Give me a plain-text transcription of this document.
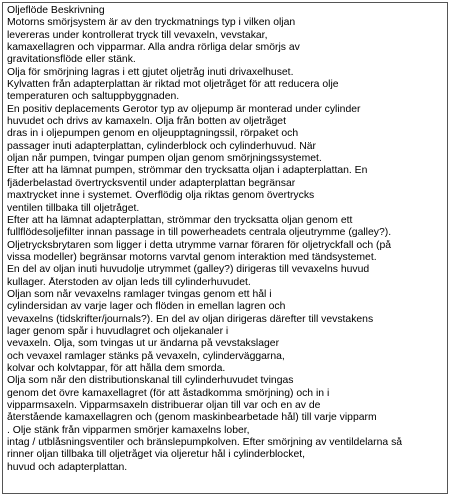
Oljeflöde Beskrivning
Motorns smörjsystem är av den tryckmatnings typ i vilken oljan
levereras under kontrollerat tryck till vevaxeln, vevstakar,
kamaxellagren och vipparmar. Alla andra rörliga delar smörjs av
gravitationsflöde eller stänk.
Olja för smörjning lagras i ett gjutet oljetråg inuti drivaxelhuset.
Kylvatten från adapterplattan är riktad mot oljetråget för att reducera olje
temperaturen och saltuppbyggnaden.
En positiv deplacements Gerotor typ av oljepump är monterad under cylinder
huvudet och drivs av kamaxeln. Olja från botten av oljetråget
dras in i oljepumpen genom en oljeupptagningssil, rörpaket och
passager inuti adapterplattan, cylinderblock och cylinderhuvud. När
oljan når pumpen, tvingar pumpen oljan genom smörjningssystemet.
Efter att ha lämnat pumpen, strömmar den trycksatta oljan i adapterplattan. En
fjäderbelastad övertrycksventil under adapterplattan begränsar
maxtrycket inne i systemet. Överflödig olja riktas genom övertrycks
ventilen tillbaka till oljetråget.
Efter att ha lämnat adapterplattan, strömmar den trycksatta oljan genom ett
fullflödesoljefilter innan passage in till powerheadets centrala oljeutrymme (galley?).
Oljetrycksbrytaren som ligger i detta utrymme varnar föraren för oljetryckfall och (på
vissa modeller) begränsar motorns varvtal genom interaktion med tändsystemet.
En del av oljan inuti huvudolje utrymmet (galley?) dirigeras till vevaxelns huvud
kullager. Återstoden av oljan leds till cylinderhuvudet.
Oljan som når vevaxelns ramlager tvingas genom ett hål i
cylindersidan av varje lager och flöden in emellan lagren och
vevaxelns (tidskrifter/journals?). En del av oljan dirigeras därefter till vevstakens
lager genom spår i huvudlagret och oljekanaler i
vevaxeln. Olja, som tvingas ut ur ändarna på vevstakslager
och vevaxel ramlager stänks på vevaxeln, cylinderväggarna,
kolvar och kolvtappar, för att hålla dem smorda.
Olja som når den distributionskanal till cylinderhuvudet tvingas
genom det övre kamaxellagret (för att åstadkomma smörjning) och in i
vipparmsaxeln. Vipparmsaxeln distribuerar oljan till var och en av de
återstående kamaxellagren och (genom maskinbearbetade hål) till varje vipparm
. Olje stänk från vipparmen smörjer kamaxelns lober,
intag / utblåsningsventiler och bränslepumpkolven. Efter smörjning av ventildelarna så
rinner oljan tillbaka till oljetråget via oljeretur hål i cylinderblocket,
huvud och adapterplattan.
